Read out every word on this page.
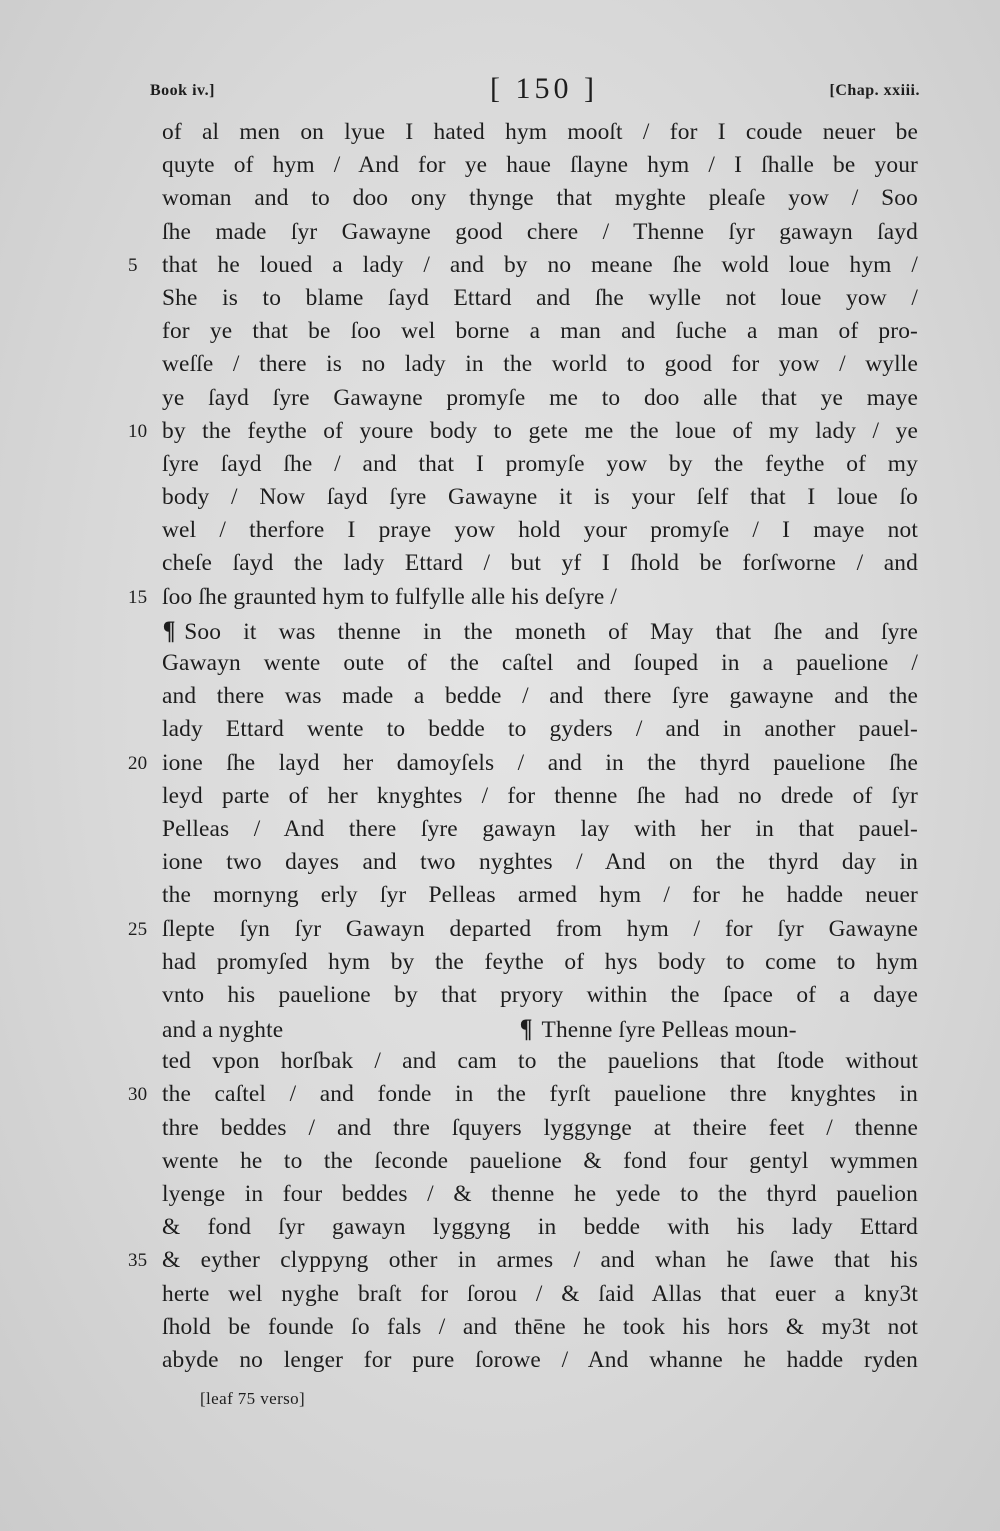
Book iv.]	[ 150 ]	[Chap. xxiii.
of al men on lyue I hated hym mooſt / for I coude neuer be
quyte of hym / And for ye haue ſlayne hym / I ſhalle be your
woman and to doo ony thynge that myghte pleaſe yow / Soo
ſhe made ſyr Gawayne good chere / Thenne ſyr gawayn ſayd
5	that he loued a lady / and by no meane ſhe wold loue hym /
She is to blame ſayd Ettard and ſhe wylle not loue yow /
for ye that be ſoo wel borne a man and ſuche a man of pro-
weſſe / there is no lady in the world to good for yow / wylle
ye ſayd ſyre Gawayne promyſe me to doo alle that ye maye
10 by the feythe of youre body to gete me the loue of my lady / ye
ſyre ſayd ſhe / and that I promyſe yow by the feythe of my
body / Now ſayd ſyre Gawayne it is your ſelf that I loue ſo
wel / therfore I praye yow hold your promyſe / I maye not
cheſe ſayd the lady Ettard / but yf I ſhold be forſworne / and
15 ſoo ſhe graunted hym to fulfylle alle his deſyre /
¶ Soo it was thenne in the moneth of May that ſhe and ſyre
Gawayn wente oute of the caſtel and ſouped in a pauelione /
and there was made a bedde / and there ſyre gawayne and the
lady Ettard wente to bedde to gyders / and in another pauel-
20 ione ſhe layd her damoyſels / and in the thyrd pauelione ſhe
leyd parte of her knyghtes / for thenne ſhe had no drede of ſyr
Pelleas / And there ſyre gawayn lay with her in that pauel-
ione two dayes and two nyghtes / And on the thyrd day in
the mornyng erly ſyr Pelleas armed hym / for he hadde neuer
25 ſlepte ſyn ſyr Gawayn departed from hym / for ſyr Gawayne
had promyſed hym by the feythe of hys body to come to hym
vnto his pauelione by that pryory within the ſpace of a daye
and a nyghte	¶ Thenne ſyre Pelleas moun-
ted vpon horſbak / and cam to the pauelions that ſtode without
30 the caſtel / and fonde in the fyrſt pauelione thre knyghtes in
thre beddes / and thre ſquyers lyggynge at theire feet / thenne
wente he to the ſeconde pauelione & fond four gentyl wymmen
lyenge in four beddes / & thenne he yede to the thyrd pauelion
& fond ſyr gawayn lyggyng in bedde with his lady Ettard
35 & eyther clyppyng other in armes / and whan he ſawe that his
herte wel nyghe braſt for ſorou / & ſaid Allas that euer a kny3t
ſhold be founde ſo fals / and thēne he took his hors & my3t not
abyde no lenger for pure ſorowe / And whanne he hadde ryden
[leaf 75 verso]
